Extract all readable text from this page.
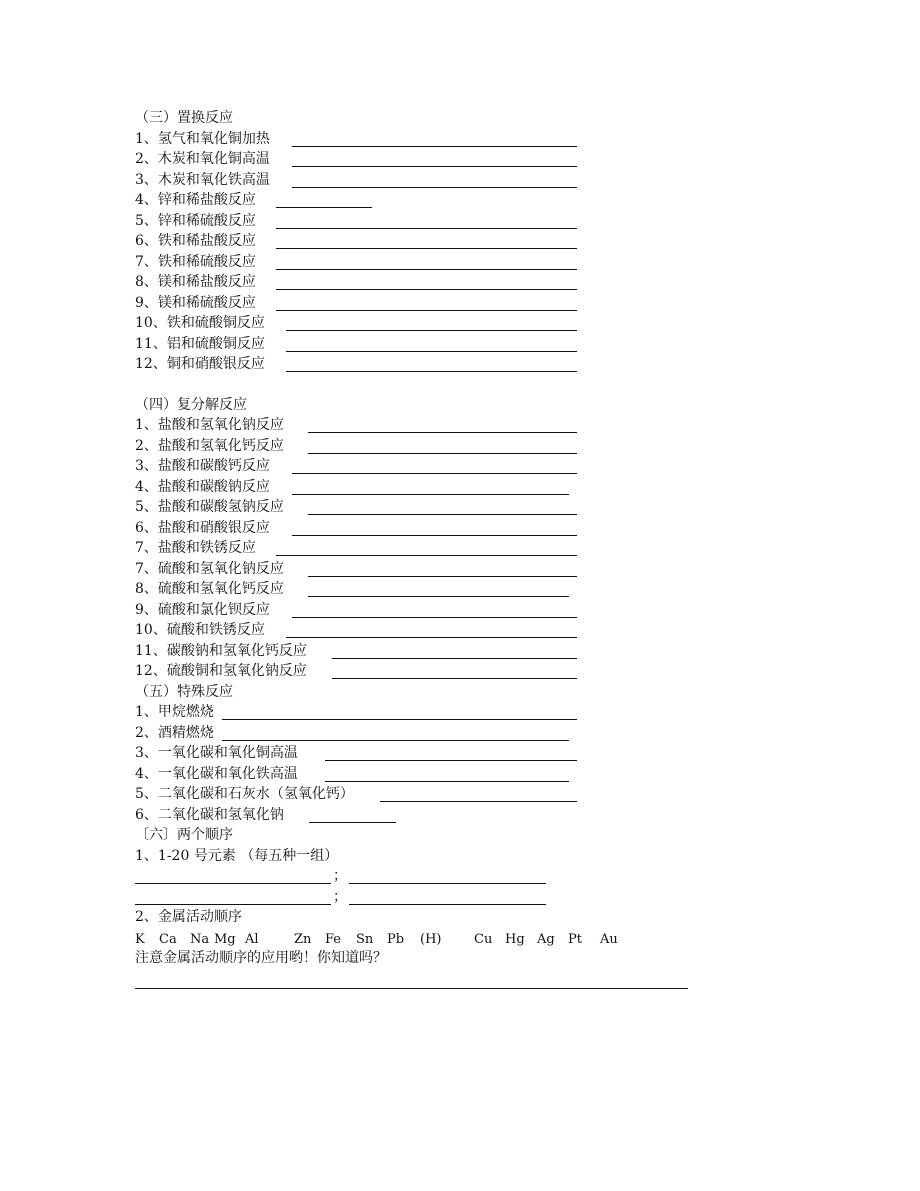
（三）置换反应
1、氢气和氧化铜加热
2、木炭和氧化铜高温
3、木炭和氧化铁高温
4、锌和稀盐酸反应
5、锌和稀硫酸反应
6、铁和稀盐酸反应
7、铁和稀硫酸反应
8、镁和稀盐酸反应
9、镁和稀硫酸反应
10、铁和硫酸铜反应
11、铝和硫酸铜反应
12、铜和硝酸银反应
（四）复分解反应
1、盐酸和氢氧化钠反应
2、盐酸和氢氧化钙反应
3、盐酸和碳酸钙反应
4、盐酸和碳酸钠反应
5、盐酸和碳酸氢钠反应
6、盐酸和硝酸银反应
7、盐酸和铁锈反应
7、硫酸和氢氧化钠反应
8、硫酸和氢氧化钙反应
9、硫酸和氯化钡反应
10、硫酸和铁锈反应
11、碳酸钠和氢氧化钙反应
12、硫酸铜和氢氧化钠反应
（五）特殊反应
1、甲烷燃烧
2、酒精燃烧
3、一氧化碳和氧化铜高温
4、一氧化碳和氧化铁高温
5、二氧化碳和石灰水（氢氧化钙）
6、二氧化碳和氢氧化钠
〔六〕两个顺序
1、1-20 号元素 （每五种一组）
；
；
2、金属活动顺序
K Ca Na Mg Al	Zn Fe Sn Pb (H)	Cu Hg Ag Pt Au
注意金属活动顺序的应用哟！你知道吗？
